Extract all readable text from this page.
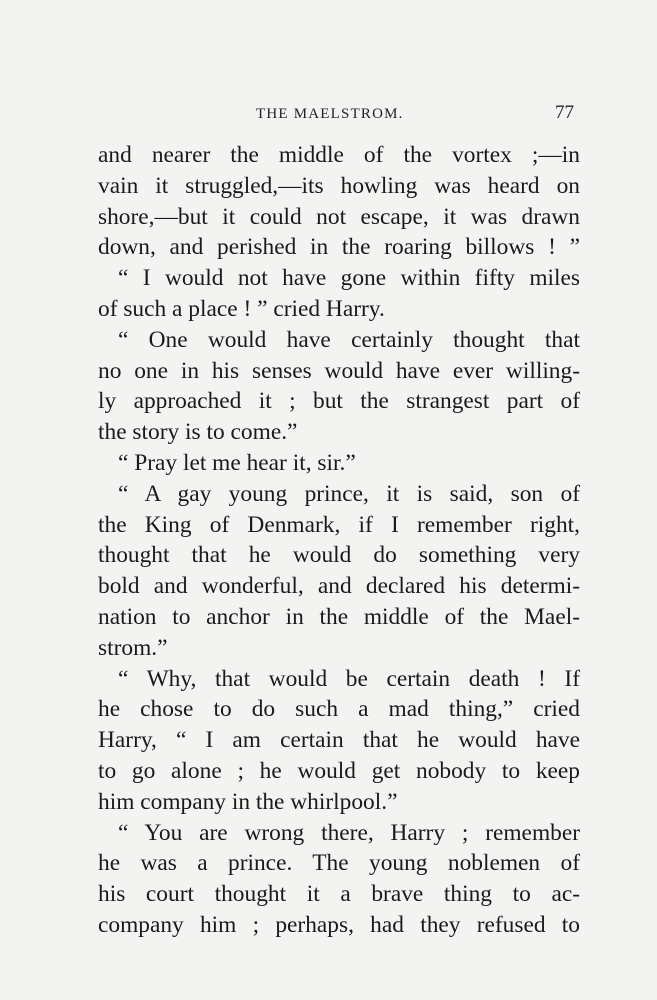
THE MAELSTROM.	77
and nearer the middle of the vortex ;—in
vain it struggled,—its howling was heard on
shore,—but it could not escape, it was drawn
down, and perished in the roaring billows ! ”
“ I would not have gone within fifty miles
of such a place ! ” cried Harry.
“ One would have certainly thought that
no one in his senses would have ever willing-
ly approached it ; but the strangest part of
the story is to come.”
“ Pray let me hear it, sir.”
“ A gay young prince, it is said, son of
the King of Denmark, if I remember right,
thought that he would do something very
bold and wonderful, and declared his determi-
nation to anchor in the middle of the Mael-
strom.”
“ Why, that would be certain death ! If
he chose to do such a mad thing,” cried
Harry, “ I am certain that he would have
to go alone ; he would get nobody to keep
him company in the whirlpool.”
“ You are wrong there, Harry ; remember
he was a prince. The young noblemen of
his court thought it a brave thing to ac-
company him ; perhaps, had they refused to
